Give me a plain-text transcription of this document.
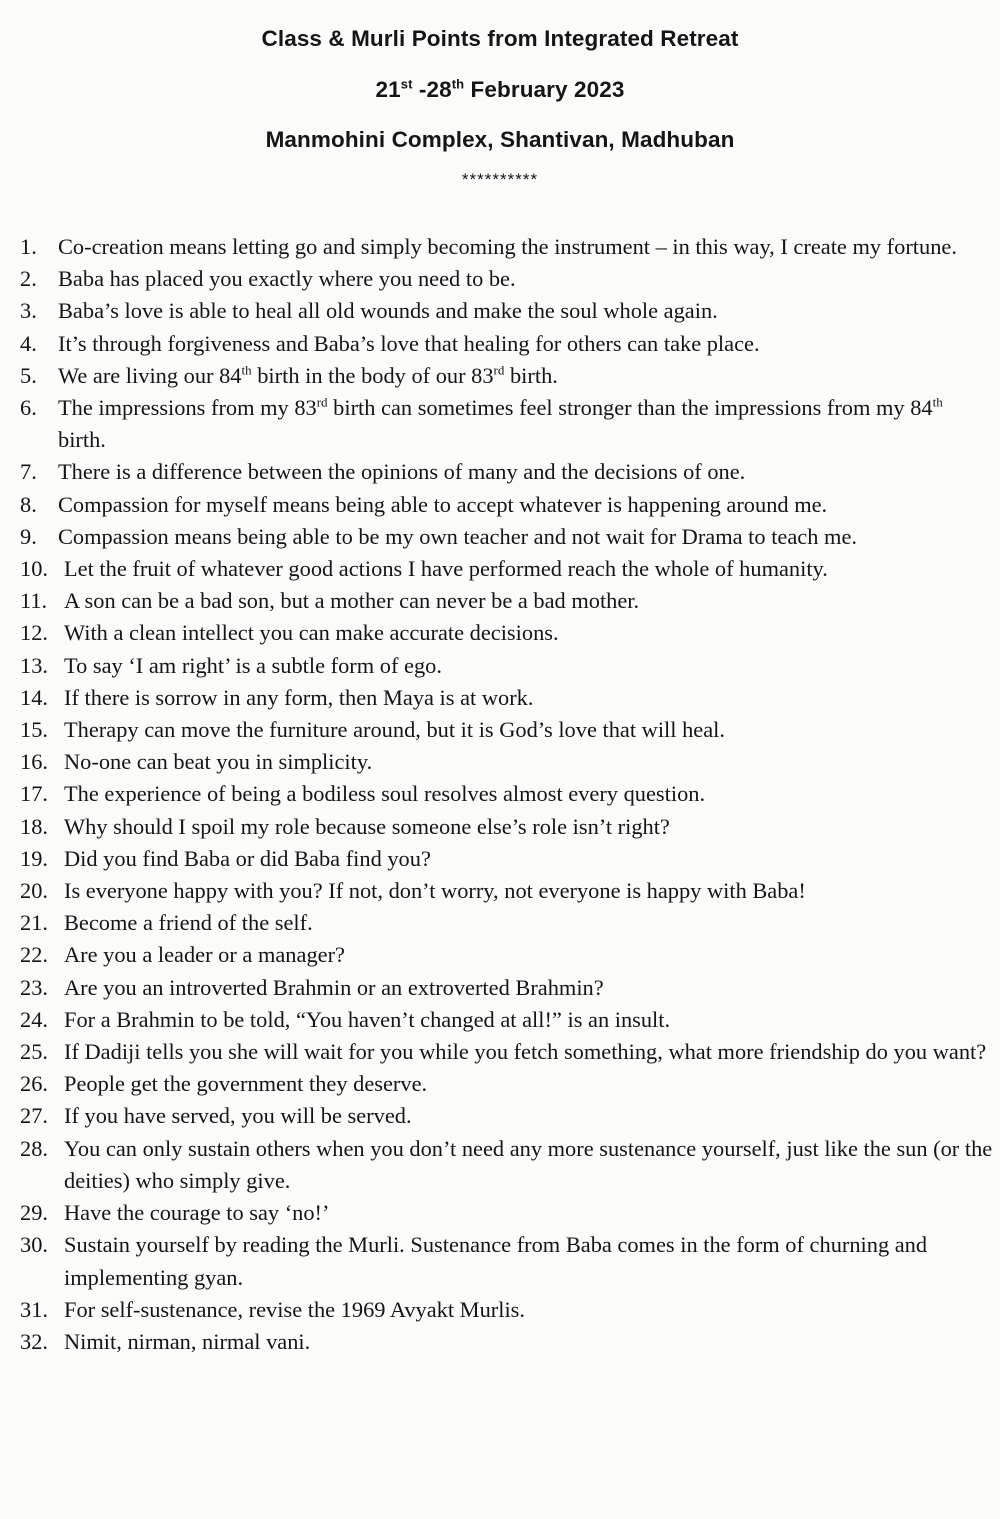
Class & Murli Points from Integrated Retreat
21st -28th February 2023
Manmohini Complex, Shantivan, Madhuban
**********
1. Co-creation means letting go and simply becoming the instrument – in this way, I create my fortune.
2. Baba has placed you exactly where you need to be.
3. Baba’s love is able to heal all old wounds and make the soul whole again.
4. It’s through forgiveness and Baba’s love that healing for others can take place.
5. We are living our 84th birth in the body of our 83rd birth.
6. The impressions from my 83rd birth can sometimes feel stronger than the impressions from my 84th birth.
7. There is a difference between the opinions of many and the decisions of one.
8. Compassion for myself means being able to accept whatever is happening around me.
9. Compassion means being able to be my own teacher and not wait for Drama to teach me.
10. Let the fruit of whatever good actions I have performed reach the whole of humanity.
11. A son can be a bad son, but a mother can never be a bad mother.
12. With a clean intellect you can make accurate decisions.
13. To say ‘I am right’ is a subtle form of ego.
14. If there is sorrow in any form, then Maya is at work.
15. Therapy can move the furniture around, but it is God’s love that will heal.
16. No-one can beat you in simplicity.
17. The experience of being a bodiless soul resolves almost every question.
18. Why should I spoil my role because someone else’s role isn’t right?
19. Did you find Baba or did Baba find you?
20. Is everyone happy with you? If not, don’t worry, not everyone is happy with Baba!
21. Become a friend of the self.
22. Are you a leader or a manager?
23. Are you an introverted Brahmin or an extroverted Brahmin?
24. For a Brahmin to be told, “You haven’t changed at all!” is an insult.
25. If Dadiji tells you she will wait for you while you fetch something, what more friendship do you want?
26. People get the government they deserve.
27. If you have served, you will be served.
28. You can only sustain others when you don’t need any more sustenance yourself, just like the sun (or the deities) who simply give.
29. Have the courage to say ‘no!’
30. Sustain yourself by reading the Murli. Sustenance from Baba comes in the form of churning and implementing gyan.
31. For self-sustenance, revise the 1969 Avyakt Murlis.
32. Nimit, nirman, nirmal vani.
